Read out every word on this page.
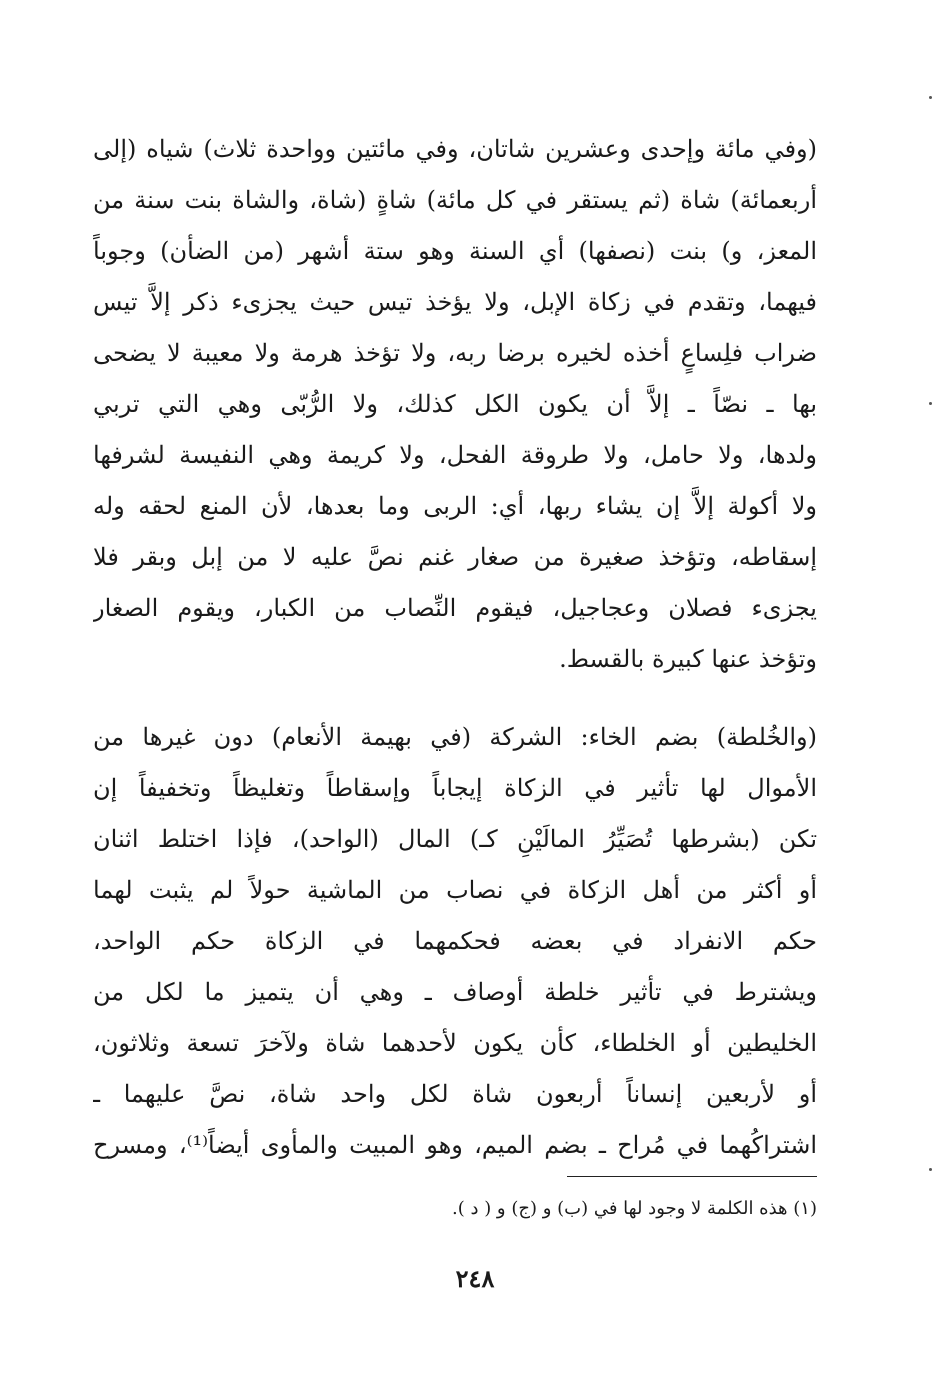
(وفي مائة وإحدى وعشرين شاتان، وفي مائتين وواحدة ثلاث) شياه (إلى
أربعمائة) شاة (ثم يستقر في كل مائة) شاةٍ (شاة، والشاة بنت سنة من
المعز، و) بنت (نصفها) أي السنة وهو ستة أشهر (من الضأن) وجوباً
فيهما، وتقدم في زكاة الإبل، ولا يؤخذ تيس حيث يجزىء ذكر إلاَّ تيس
ضراب فلِساعٍ أخذه لخيره برضا ربه، ولا تؤخذ هرمة ولا معيبة لا يضحى
بها ـ نصّاً ـ إلاَّ أن يكون الكل كذلك، ولا الرُّبّى وهي التي تربي
ولدها، ولا حامل، ولا طروقة الفحل، ولا كريمة وهي النفيسة لشرفها
ولا أكولة إلاَّ إن يشاء ربها، أي: الربى وما بعدها، لأن المنع لحقه وله
إسقاطه، وتؤخذ صغيرة من صغار غنم نصَّ عليه لا من إبل وبقر فلا
يجزىء فصلان وعجاجيل، فيقوم النِّصاب من الكبار، ويقوم الصغار
وتؤخذ عنها كبيرة بالقسط.
(والخُلطة) بضم الخاء: الشركة (في بهيمة الأنعام) دون غيرها من
الأموال لها تأثير في الزكاة إيجاباً وإسقاطاً وتغليظاً وتخفيفاً إن
تكن (بشرطها تُصَيِّرُ المالَيْنِ كـ) المال (الواحد)، فإذا اختلط اثنان
أو أكثر من أهل الزكاة في نصاب من الماشية حولاً لم يثبت لهما
حكم الانفراد في بعضه فحكمهما في الزكاة حكم الواحد،
ويشترط في تأثير خلطة أوصاف ـ وهي أن يتميز ما لكل من
الخليطين أو الخلطاء، كأن يكون لأحدهما شاة ولآخرَ تسعة وثلاثون،
أو لأربعين إنساناً أربعون شاة لكل واحد شاة، نصَّ عليهما ـ
اشتراكُهما في مُراح ـ بضم الميم، وهو المبيت والمأوى أيضاً⁽¹⁾، ومسرح
(١) هذه الكلمة لا وجود لها في (ب) و (ج) و ( د ).
٢٤٨
